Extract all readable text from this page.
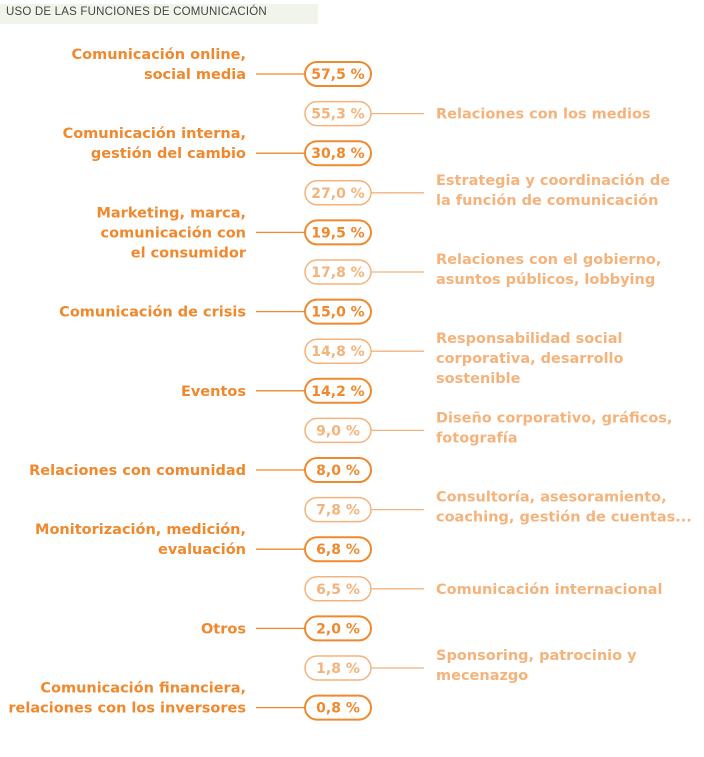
USO DE LAS FUNCIONES DE COMUNICACIÓN
57,5 %
Comunicación online, social media
55,3 %	Relaciones con los medios
30,8 %
Comunicación interna, gestión del cambio
27,0 %
Estrategia y coordinación de la función de comunicación
19,5 %
Marketing, marca, comunicación con el consumidor
17,8 %
Relaciones con el gobierno, asuntos públicos, lobbying
15,0 %
Comunicación de crisis
14,8 %
Responsabilidad social corporativa, desarrollo sostenible
14,2 %
Eventos
9,0 %
Diseño corporativo, gráficos, fotografía
8,0 %
Relaciones con comunidad
7,8 %
Consultoría, asesoramiento, coaching, gestión de cuentas...
6,8 %
Monitorización, medición, evaluación
6,5 %	Comunicación internacional
2,0 %
Otros
1,8 %
Sponsoring, patrocinio y mecenazgo
0,8 %
Comunicación financiera, relaciones con los inversores
